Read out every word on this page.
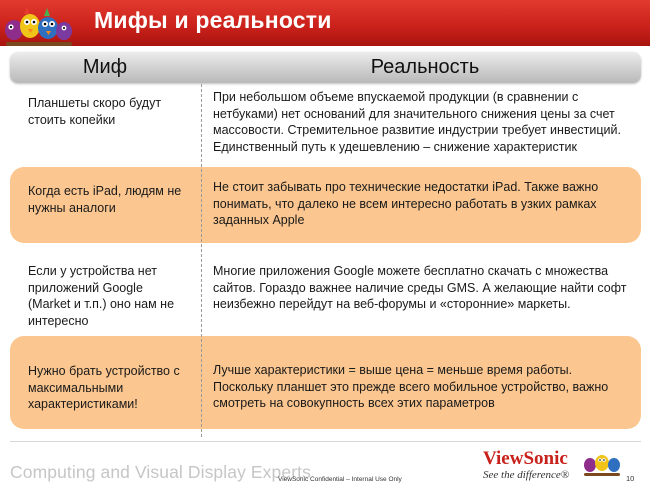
Мифы и реальности
Миф	Реальность
Планшеты скоро будут
стоить копейки
При небольшом объеме впускаемой продукции (в сравнении с
нетбуками) нет оснований для значительного снижения цены за счет
массовости. Стремительное развитие индустрии требует инвестиций.
Единственный путь к удешевлению – снижение характеристик
Когда есть iPad, людям не
нужны аналоги
Не стоит забывать про технические недостатки iPad. Также важно
понимать, что далеко не всем интересно работать в узких рамках
заданных Apple
Если у устройства нет
приложений Google
(Market и т.п.) оно нам не
интересно
Многие приложения Google можете бесплатно скачать с множества
сайтов. Гораздо важнее наличие среды GMS. А желающие найти софт
неизбежно перейдут на веб-форумы и «сторонние» маркеты.
Нужно брать устройство с
максимальными
характеристиками!
Лучше характеристики = выше цена = меньше время работы.
Поскольку планшет это прежде всего мобильное устройство, важно
смотреть на совокупность всех этих параметров
Computing and Visual Display Experts
ViewSonic Confidential – Internal Use Only
ViewSonic
See the difference®	10
